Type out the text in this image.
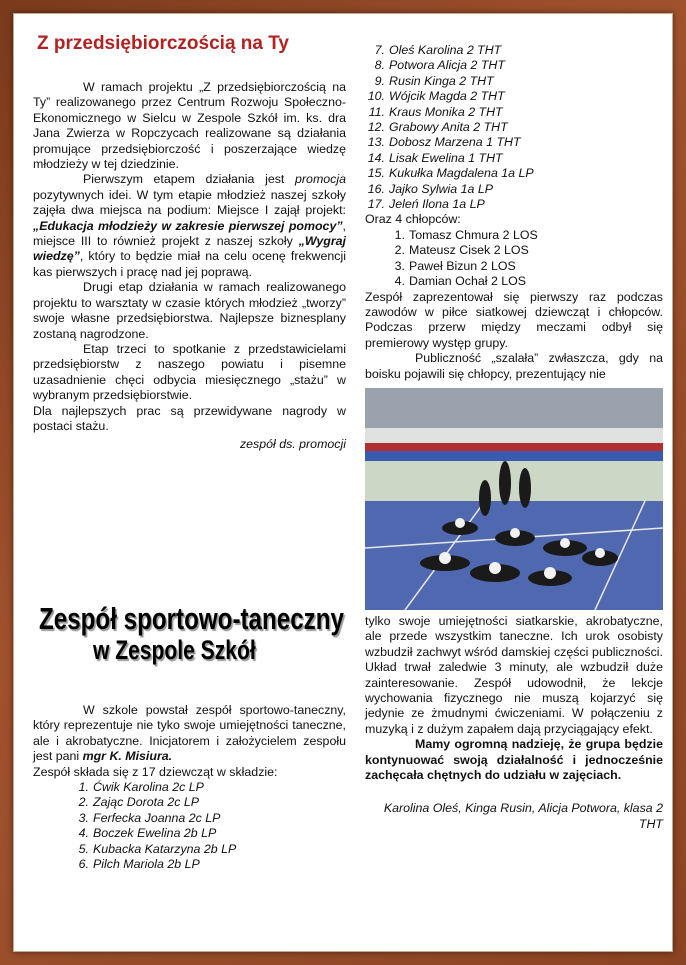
Z przedsiębiorczością na Ty

W ramach projektu „Z przedsiębiorczością na Ty” realizowanego przez Centrum Rozwoju Społeczno-Ekonomicznego w Sielcu w Zespole Szkół im. ks. dra Jana Zwierza w Ropczycach realizowane są działania promujące przedsiębiorczość i poszerzające wiedzę młodzieży w tej dziedzinie.

Pierwszym etapem działania jest promocja pozytywnych idei. W tym etapie młodzież naszej szkoły zajęła dwa miejsca na podium: Miejsce I zajął projekt: „Edukacja młodzieży w zakresie pierwszej pomocy”, miejsce III to również projekt z naszej szkoły „Wygraj wiedzę”, który to będzie miał na celu ocenę frekwencji kas pierwszych i pracę nad jej poprawą.

Drugi etap działania w ramach realizowanego projektu to warsztaty w czasie których młodzież „tworzy” swoje własne przedsiębiorstwa. Najlepsze biznesplany zostaną nagrodzone.

Etap trzeci to spotkanie z przedstawicielami przedsiębiorstw z naszego powiatu i pisemne uzasadnienie chęci odbycia miesięcznego „stażu” w wybranym przedsiębiorstwie.

Dla najlepszych prac są przewidywane nagrody w postaci stażu.

zespół ds. promocji

Zespół sportowo-taneczny
w Zespole Szkół

W szkole powstał zespół sportowo-taneczny, który reprezentuje nie tyko swoje umiejętności taneczne, ale i akrobatyczne. Inicjatorem i założycielem zespołu jest pani mgr K. Misiura.

Zespół składa się z 17 dziewcząt w składzie:

1. Ćwik Karolina 2c LP
2. Zając Dorota 2c LP
3. Ferfecka Joanna 2c LP
4. Boczek Ewelina 2b LP
5. Kubacka Katarzyna 2b LP
6. Pilch Mariola 2b LP
7. Oleś Karolina 2 THT
8. Potwora Alicja 2 THT
9. Rusin Kinga 2 THT
10. Wójcik Magda 2 THT
11. Kraus Monika 2 THT
12. Grabowy Anita 2 THT
13. Dobosz Marzena 1 THT
14. Lisak Ewelina 1 THT
15. Kukułka Magdalena 1a LP
16. Jajko Sylwia 1a LP
17. Jeleń Ilona 1a LP

Oraz 4 chłopców:

1. Tomasz Chmura 2 LOS
2. Mateusz Cisek 2 LOS
3. Paweł Bizun 2 LOS
4. Damian Ochał 2 LOS

Zespół zaprezentował się pierwszy raz podczas zawodów w piłce siatkowej dziewcząt i chłopców. Podczas przerw między meczami odbył się premierowy występ grupy.

Publiczność „szalała” zwłaszcza, gdy na boisku pojawili się chłopcy, prezentujący nie

tylko swoje umiejętności siatkarskie, akrobatyczne, ale przede wszystkim taneczne. Ich urok osobisty wzbudził zachwyt wśród damskiej części publiczności. Układ trwał zaledwie 3 minuty, ale wzbudził duże zainteresowanie. Zespół udowodnił, że lekcje wychowania fizycznego nie muszą kojarzyć się jedynie ze żmudnymi ćwiczeniami. W połączeniu z muzyką i z dużym zapałem dają przyciągający efekt.

Mamy ogromną nadzieję, że grupa będzie kontynuować swoją działalność i jednocześnie zachęcała chętnych do udziału w zajęciach.

Karolina Oleś, Kinga Rusin, Alicja Potwora, klasa 2 THT
